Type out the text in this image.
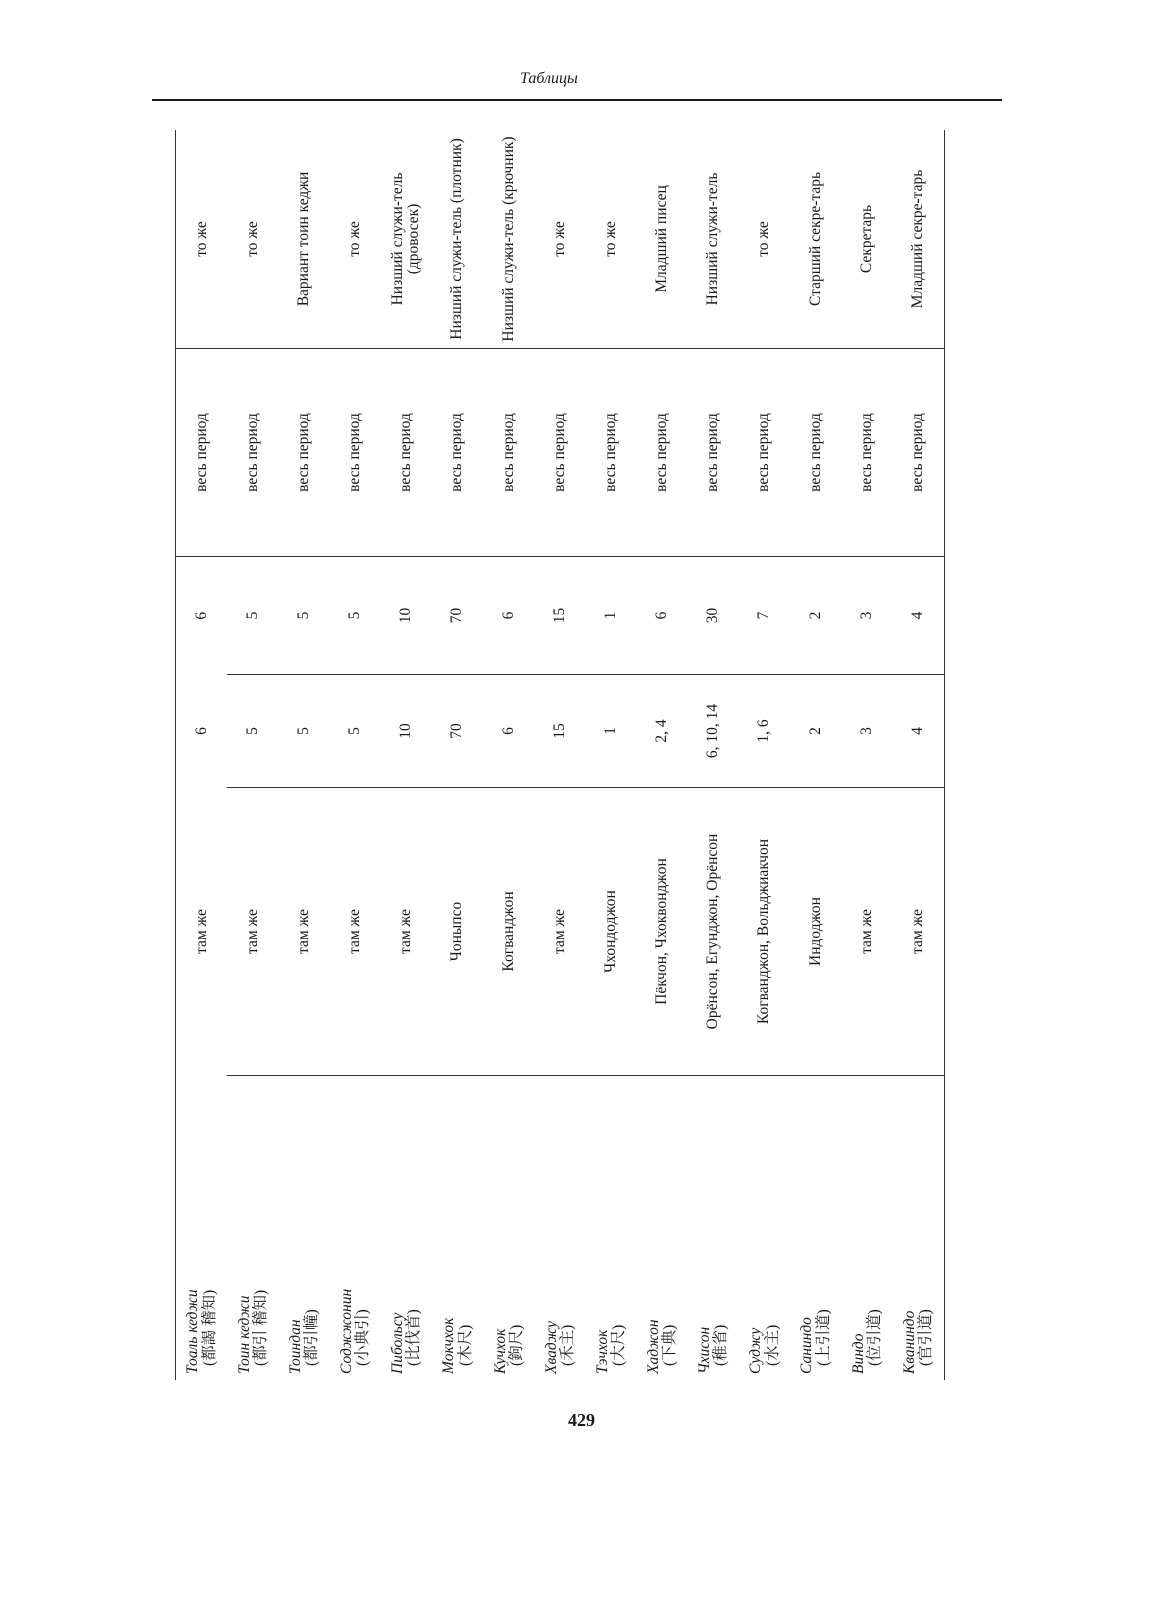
Таблицы
Тоаль кеджи (都謁 稽知)		там же	6	6	весь период	то же
Тоин кеджи (都引 稽知)		там же	5	5	весь период	то же
Тоиндан (都引幢)		там же	5	5	весь период	Вариант тоин кеджи
Соджжонин (小典引)		там же	5	5	весь период	то же
Пибольсу (比伐首)		там же	10	10	весь период	Низший служи-тель (дровосек)
Мокчхок (木尺)		Чоныпсо	70	70	весь период	Низший служи-тель (плотник)
Кучхок (鉤尺)		Когванджон	6	6	весь период	Низший служи-тель (крючник)
Хваджу (禾主)		там же	15	15	весь период	то же
Тэчхок (大尺)		Чхондоджон	1	1	весь период	то же
Хаджон (下典)		Пёкчон, Чхоквонджон	2, 4	6	весь период	Младший писец
Чхисон (稚省)		Орёнсон, Егунджон, Орёнсон	6, 10, 14	30	весь период	Низший служи-тель
Суджу (水主)		Когванджон, Вольджиакчон	1, 6	7	весь период	то же
Саниндо (上引道)		Индоджон	2	2	весь период	Старший секре-тарь
Виндо (位引道)		там же	3	3	весь период	Секретарь
Кваниндо (官引道)		там же	4	4	весь период	Младший секре-тарь
429
